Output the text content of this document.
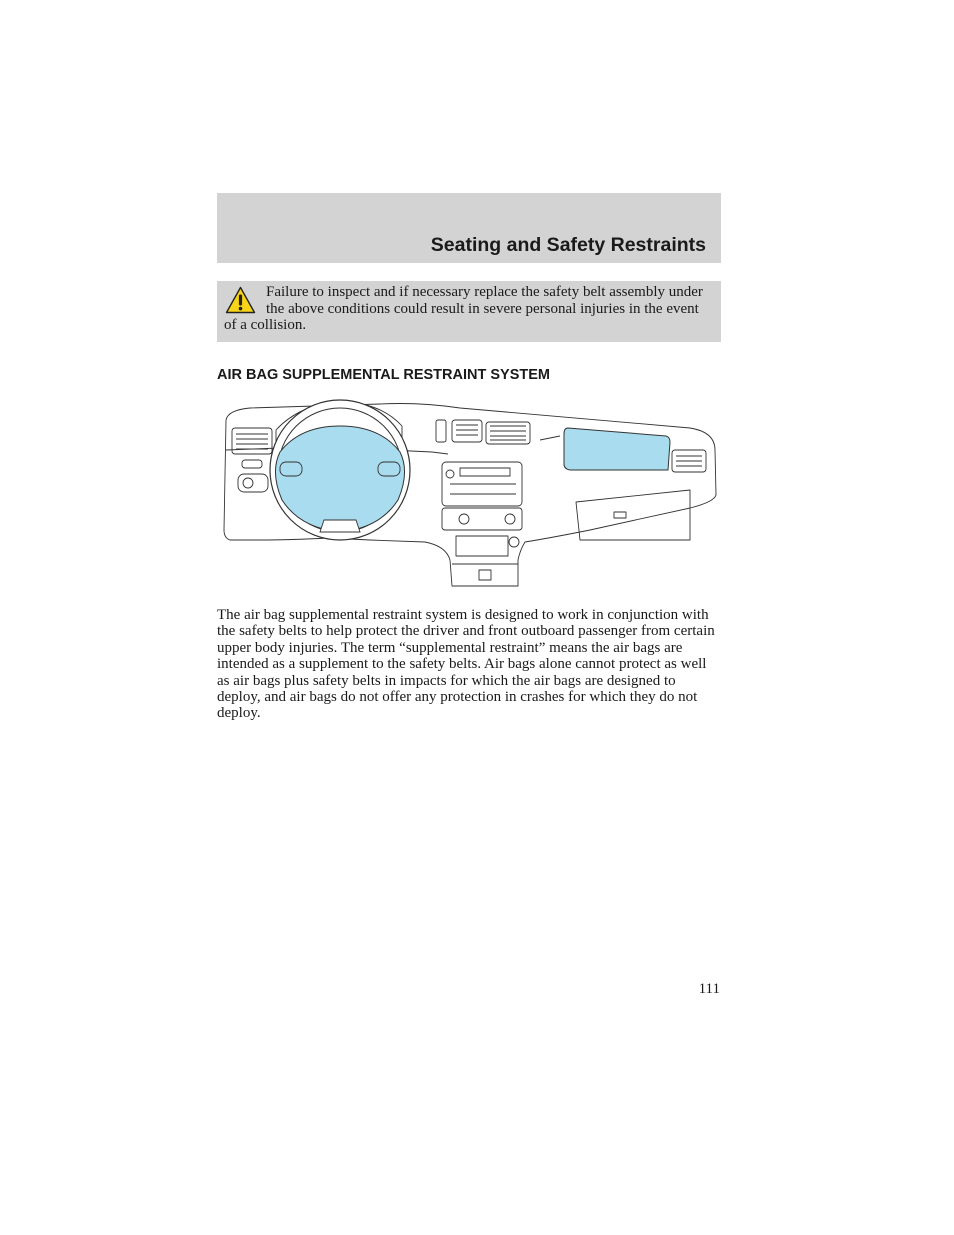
Seating and Safety Restraints

Failure to inspect and if necessary replace the safety belt assembly under the above conditions could result in severe personal injuries in the event of a collision.

AIR BAG SUPPLEMENTAL RESTRAINT SYSTEM

The air bag supplemental restraint system is designed to work in conjunction with the safety belts to help protect the driver and front outboard passenger from certain upper body injuries. The term “supplemental restraint” means the air bags are intended as a supplement to the safety belts. Air bags alone cannot protect as well as air bags plus safety belts in impacts for which the air bags are designed to deploy, and air bags do not offer any protection in crashes for which they do not deploy.

111
